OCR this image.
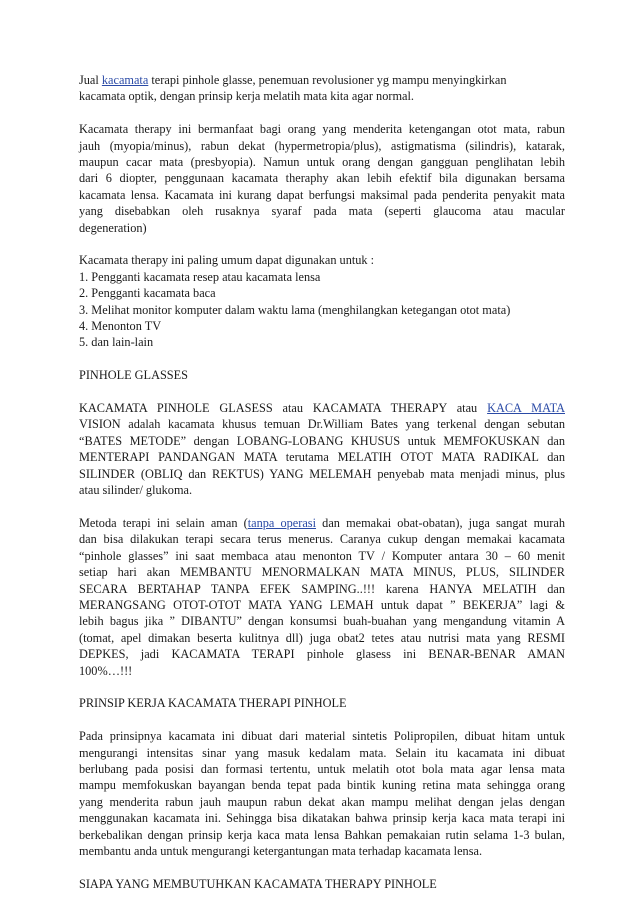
Jual kacamata terapi pinhole glasse, penemuan revolusioner yg mampu menyingkirkan
kacamata optik, dengan prinsip kerja melatih mata kita agar normal.
Kacamata therapy ini bermanfaat bagi orang yang menderita ketengangan otot mata, rabun
jauh (myopia/minus), rabun dekat (hypermetropia/plus), astigmatisma (silindris), katarak,
maupun cacar mata (presbyopia). Namun untuk orang dengan gangguan penglihatan lebih
dari 6 diopter, penggunaan kacamata theraphy akan lebih efektif bila digunakan bersama
kacamata lensa. Kacamata ini kurang dapat berfungsi maksimal pada penderita penyakit mata
yang disebabkan oleh rusaknya syaraf pada mata (seperti glaucoma atau macular
degeneration)
Kacamata therapy ini paling umum dapat digunakan untuk :
1. Pengganti kacamata resep atau kacamata lensa
2. Pengganti kacamata baca
3. Melihat monitor komputer dalam waktu lama (menghilangkan ketegangan otot mata)
4. Menonton TV
5. dan lain-lain
PINHOLE GLASSES
KACAMATA PINHOLE GLASESS atau KACAMATA THERAPY atau KACA MATA
VISION adalah kacamata khusus temuan Dr.William Bates yang terkenal dengan sebutan
“BATES METODE” dengan LOBANG-LOBANG KHUSUS untuk MEMFOKUSKAN dan
MENTERAPI PANDANGAN MATA terutama MELATIH OTOT MATA RADIKAL dan
SILINDER (OBLIQ dan REKTUS) YANG MELEMAH penyebab mata menjadi minus, plus
atau silinder/ glukoma.
Metoda terapi ini selain aman (tanpa operasi dan memakai obat-obatan), juga sangat murah
dan bisa dilakukan terapi secara terus menerus. Caranya cukup dengan memakai kacamata
“pinhole glasses” ini saat membaca atau menonton TV / Komputer antara 30 – 60 menit
setiap hari akan MEMBANTU MENORMALKAN MATA MINUS, PLUS, SILINDER
SECARA BERTAHAP TANPA EFEK SAMPING..!!! karena HANYA MELATIH dan
MERANGSANG OTOT-OTOT MATA YANG LEMAH untuk dapat ” BEKERJA” lagi &
lebih bagus jika ” DIBANTU” dengan konsumsi buah-buahan yang mengandung vitamin A
(tomat, apel dimakan beserta kulitnya dll) juga obat2 tetes atau nutrisi mata yang RESMI
DEPKES, jadi KACAMATA TERAPI pinhole glasess ini BENAR-BENAR AMAN
100%…!!!
PRINSIP KERJA KACAMATA THERAPI PINHOLE
Pada prinsipnya kacamata ini dibuat dari material sintetis Polipropilen, dibuat hitam untuk
mengurangi intensitas sinar yang masuk kedalam mata. Selain itu kacamata ini dibuat
berlubang pada posisi dan formasi tertentu, untuk melatih otot bola mata agar lensa mata
mampu memfokuskan bayangan benda tepat pada bintik kuning retina mata sehingga orang
yang menderita rabun jauh maupun rabun dekat akan mampu melihat dengan jelas dengan
menggunakan kacamata ini. Sehingga bisa dikatakan bahwa prinsip kerja kaca mata terapi ini
berkebalikan dengan prinsip kerja kaca mata lensa Bahkan pemakaian rutin selama 1-3 bulan,
membantu anda untuk mengurangi ketergantungan mata terhadap kacamata lensa.
SIAPA YANG MEMBUTUHKAN KACAMATA THERAPY PINHOLE
